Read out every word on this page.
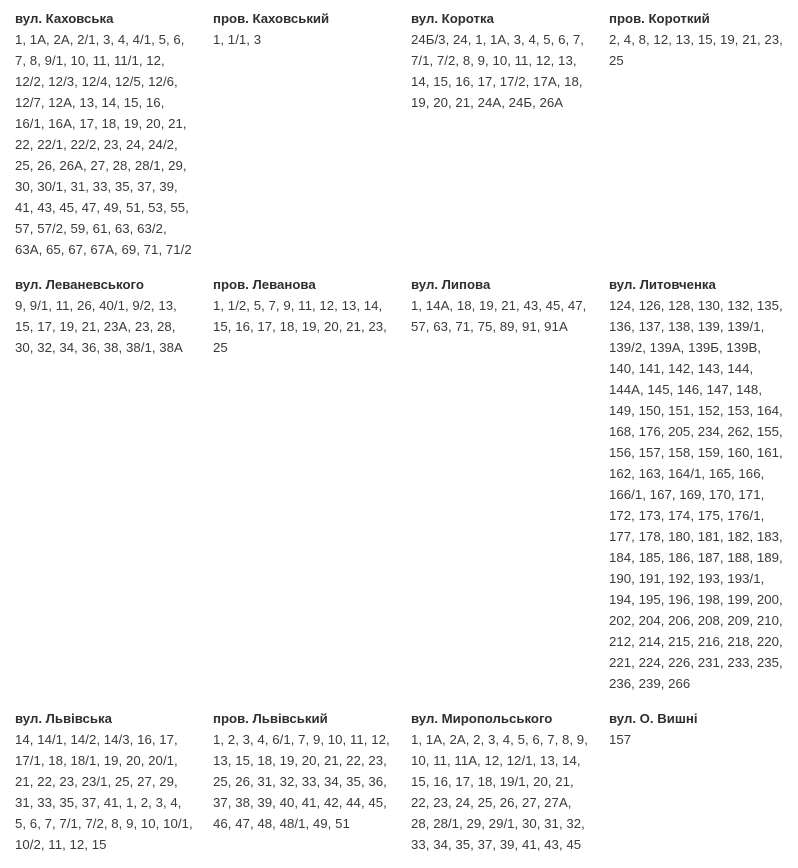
вул. Каховська
1, 1А, 2А, 2/1, 3, 4, 4/1, 5, 6, 7, 8, 9/1, 10, 11, 11/1, 12, 12/2, 12/3, 12/4, 12/5, 12/6, 12/7, 12А, 13, 14, 15, 16, 16/1, 16А, 17, 18, 19, 20, 21, 22, 22/1, 22/2, 23, 24, 24/2, 25, 26, 26А, 27, 28, 28/1, 29, 30, 30/1, 31, 33, 35, 37, 39, 41, 43, 45, 47, 49, 51, 53, 55, 57, 57/2, 59, 61, 63, 63/2, 63А, 65, 67, 67А, 69, 71, 71/2
пров. Каховський
1, 1/1, 3
вул. Коротка
24Б/3, 24, 1, 1А, 3, 4, 5, 6, 7, 7/1, 7/2, 8, 9, 10, 11, 12, 13, 14, 15, 16, 17, 17/2, 17А, 18, 19, 20, 21, 24А, 24Б, 26А
пров. Короткий
2, 4, 8, 12, 13, 15, 19, 21, 23, 25
вул. Леваневського
9, 9/1, 11, 26, 40/1, 9/2, 13, 15, 17, 19, 21, 23А, 23, 28, 30, 32, 34, 36, 38, 38/1, 38А
пров. Леванова
1, 1/2, 5, 7, 9, 11, 12, 13, 14, 15, 16, 17, 18, 19, 20, 21, 23, 25
вул. Липова
1, 14А, 18, 19, 21, 43, 45, 47, 57, 63, 71, 75, 89, 91, 91А
вул. Литовченка
124, 126, 128, 130, 132, 135, 136, 137, 138, 139, 139/1, 139/2, 139А, 139Б, 139В, 140, 141, 142, 143, 144, 144А, 145, 146, 147, 148, 149, 150, 151, 152, 153, 164, 168, 176, 205, 234, 262, 155, 156, 157, 158, 159, 160, 161, 162, 163, 164/1, 165, 166, 166/1, 167, 169, 170, 171, 172, 173, 174, 175, 176/1, 177, 178, 180, 181, 182, 183, 184, 185, 186, 187, 188, 189, 190, 191, 192, 193, 193/1, 194, 195, 196, 198, 199, 200, 202, 204, 206, 208, 209, 210, 212, 214, 215, 216, 218, 220, 221, 224, 226, 231, 233, 235, 236, 239, 266
вул. Львівська
14, 14/1, 14/2, 14/3, 16, 17, 17/1, 18, 18/1, 19, 20, 20/1, 21, 22, 23, 23/1, 25, 27, 29, 31, 33, 35, 37, 41, 1, 2, 3, 4, 5, 6, 7, 7/1, 7/2, 8, 9, 10, 10/1, 10/2, 11, 12, 15
пров. Львівський
1, 2, 3, 4, 6/1, 7, 9, 10, 11, 12, 13, 15, 18, 19, 20, 21, 22, 23, 25, 26, 31, 32, 33, 34, 35, 36, 37, 38, 39, 40, 41, 42, 44, 45, 46, 47, 48, 48/1, 49, 51
вул. Миропольського
1, 1А, 2А, 2, 3, 4, 5, 6, 7, 8, 9, 10, 11, 11А, 12, 12/1, 13, 14, 15, 16, 17, 18, 19/1, 20, 21, 22, 23, 24, 25, 26, 27, 27А, 28, 28/1, 29, 29/1, 30, 31, 32, 33, 34, 35, 37, 39, 41, 43, 45
вул. О. Вишні
157
